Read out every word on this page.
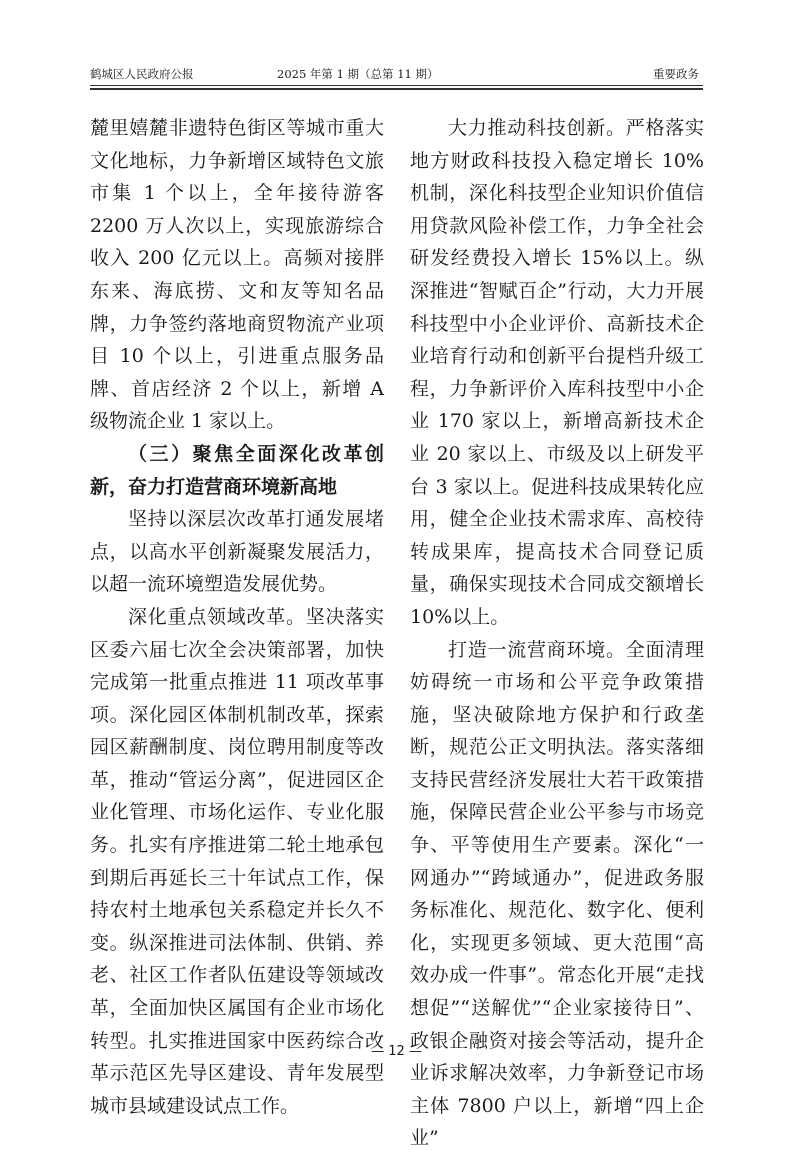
鹤城区人民政府公报	2025 年第 1 期（总第 11 期）	重要政务

麓里嬉麓非遗特色街区等城市重大文化地标，力争新增区域特色文旅市集 1 个以上，全年接待游客 2200 万人次以上，实现旅游综合收入 200 亿元以上。高频对接胖东来、海底捞、文和友等知名品牌，力争签约落地商贸物流产业项目 10 个以上，引进重点服务品牌、首店经济 2 个以上，新增 A 级物流企业 1 家以上。

（三）聚焦全面深化改革创新，奋力打造营商环境新高地

坚持以深层次改革打通发展堵点，以高水平创新凝聚发展活力，以超一流环境塑造发展优势。

深化重点领域改革。坚决落实区委六届七次全会决策部署，加快完成第一批重点推进 11 项改革事项。深化园区体制机制改革，探索园区薪酬制度、岗位聘用制度等改革，推动“管运分离”，促进园区企业化管理、市场化运作、专业化服务。扎实有序推进第二轮土地承包到期后再延长三十年试点工作，保持农村土地承包关系稳定并长久不变。纵深推进司法体制、供销、养老、社区工作者队伍建设等领域改革，全面加快区属国有企业市场化转型。扎实推进国家中医药综合改革示范区先导区建设、青年发展型城市县域建设试点工作。

大力推动科技创新。严格落实地方财政科技投入稳定增长 10%机制，深化科技型企业知识价值信用贷款风险补偿工作，力争全社会研发经费投入增长 15%以上。纵深推进“智赋百企”行动，大力开展科技型中小企业评价、高新技术企业培育行动和创新平台提档升级工程，力争新评价入库科技型中小企业 170 家以上，新增高新技术企业 20 家以上、市级及以上研发平台 3 家以上。促进科技成果转化应用，健全企业技术需求库、高校待转成果库，提高技术合同登记质量，确保实现技术合同成交额增长 10%以上。

打造一流营商环境。全面清理妨碍统一市场和公平竞争政策措施，坚决破除地方保护和行政垄断，规范公正文明执法。落实落细支持民营经济发展壮大若干政策措施，保障民营企业公平参与市场竞争、平等使用生产要素。深化“一网通办”“跨域通办”，促进政务服务标准化、规范化、数字化、便利化，实现更多领域、更大范围“高效办成一件事”。常态化开展“走找想促”“送解优”“企业家接待日”、政银企融资对接会等活动，提升企业诉求解决效率，力争新登记市场主体 7800 户以上，新增“四上企业”

— 12 —
